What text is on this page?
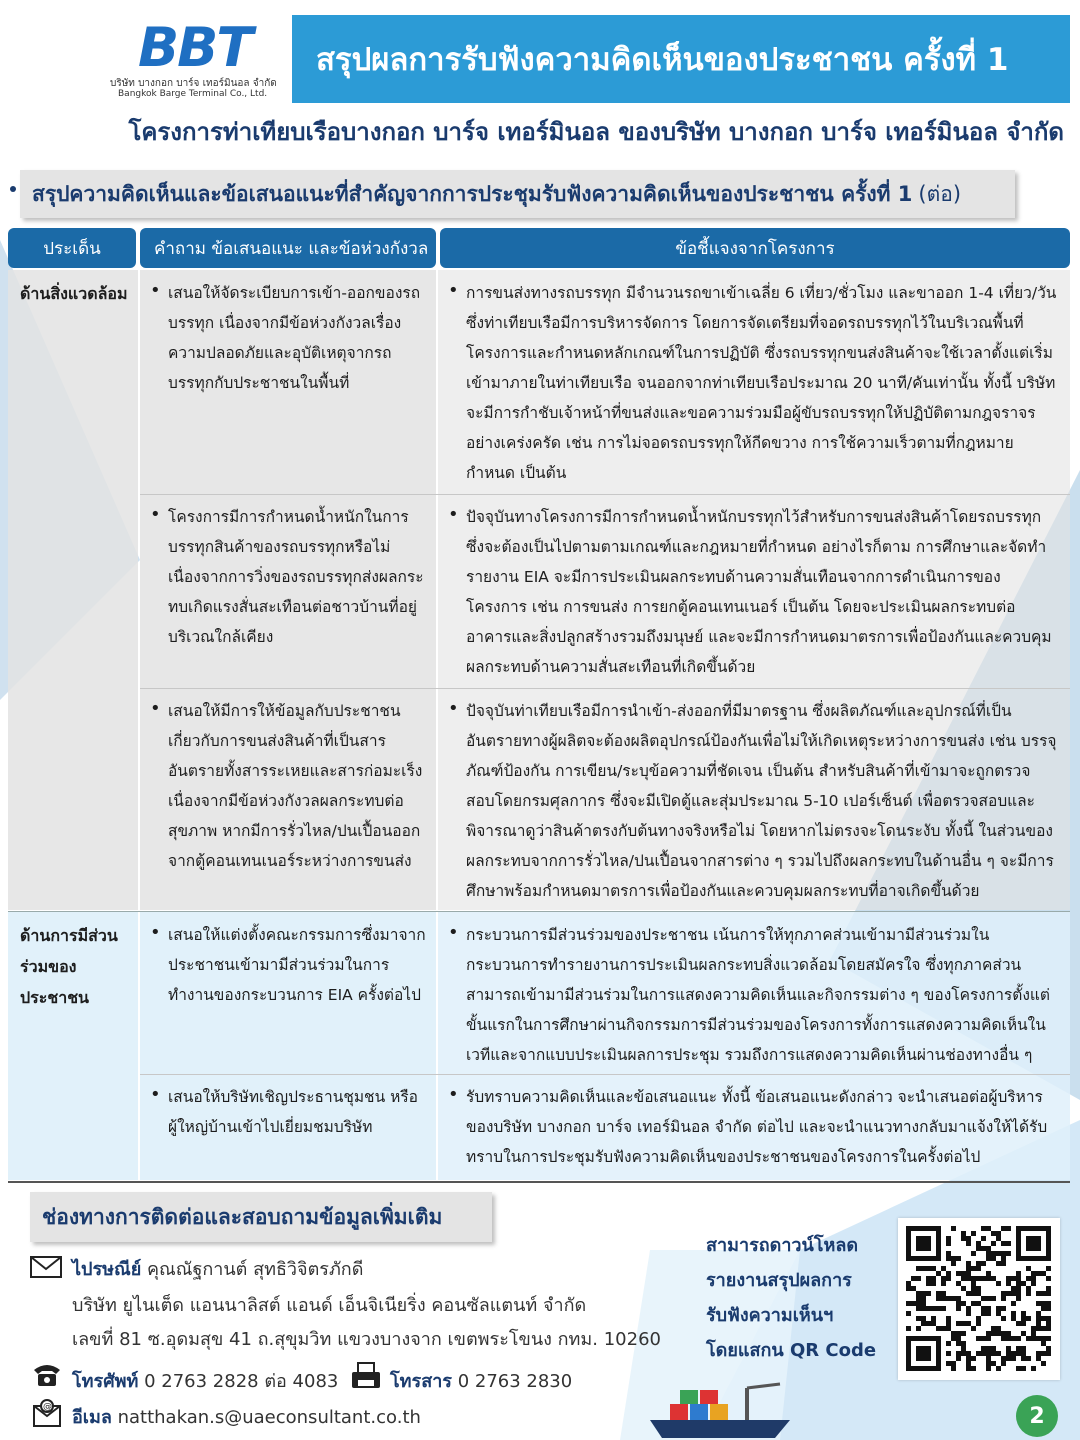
BBT
บริษัท บางกอก บาร์จ เทอร์มินอล จำกัด
Bangkok Barge Terminal Co., Ltd.
สรุปผลการรับฟังความคิดเห็นของประชาชน ครั้งที่ 1
โครงการท่าเทียบเรือบางกอก บาร์จ เทอร์มินอล ของบริษัท บางกอก บาร์จ เทอร์มินอล จำกัด
สรุปความคิดเห็นและข้อเสนอแนะที่สำคัญจากการประชุมรับฟังความคิดเห็นของประชาชน ครั้งที่ 1 (ต่อ)
ประเด็น	คำถาม ข้อเสนอแนะ และข้อห่วงกังวล	ข้อชี้แจงจากโครงการ
ด้านสิ่งแวดล้อม
•	เสนอให้จัดระเบียบการเข้า-ออกของรถบรรทุก เนื่องจากมีข้อห่วงกังวลเรื่องความปลอดภัยและอุบัติเหตุจากรถบรรทุกกับประชาชนในพื้นที่
• การขนส่งทางรถบรรทุก มีจำนวนรถขาเข้าเฉลี่ย 6 เที่ยว/ชั่วโมง และขาออก 1-4 เที่ยว/วัน ซึ่งท่าเทียบเรือมีการบริหารจัดการ โดยการจัดเตรียมที่จอดรถบรรทุกไว้ในบริเวณพื้นที่โครงการและกำหนดหลักเกณฑ์ในการปฏิบัติ ซึ่งรถบรรทุกขนส่งสินค้าจะใช้เวลาตั้งแต่เริ่มเข้ามาภายในท่าเทียบเรือ จนออกจากท่าเทียบเรือประมาณ 20 นาที/คันเท่านั้น ทั้งนี้ บริษัทจะมีการกำชับเจ้าหน้าที่ขนส่งและขอความร่วมมือผู้ขับรถบรรทุกให้ปฏิบัติตามกฎจราจรอย่างเคร่งครัด เช่น การไม่จอดรถบรรทุกให้กีดขวาง การใช้ความเร็วตามที่กฎหมายกำหนด เป็นต้น
• โครงการมีการกำหนดน้ำหนักในการบรรทุกสินค้าของรถบรรทุกหรือไม่ เนื่องจากการวิ่งของรถบรรทุกส่งผลกระทบเกิดแรงสั่นสะเทือนต่อชาวบ้านที่อยู่บริเวณใกล้เคียง
• ปัจจุบันทางโครงการมีการกำหนดน้ำหนักบรรทุกไว้สำหรับการขนส่งสินค้าโดยรถบรรทุก ซึ่งจะต้องเป็นไปตามตามเกณฑ์และกฎหมายที่กำหนด อย่างไรก็ตาม การศึกษาและจัดทำรายงาน EIA จะมีการประเมินผลกระทบด้านความสั่นเทือนจากการดำเนินการของโครงการ เช่น การขนส่ง การยกตู้คอนเทนเนอร์ เป็นต้น โดยจะประเมินผลกระทบต่ออาคารและสิ่งปลูกสร้างรวมถึงมนุษย์ และจะมีการกำหนดมาตรการเพื่อป้องกันและควบคุมผลกระทบด้านความสั่นสะเทือนที่เกิดขึ้นด้วย
• เสนอให้มีการให้ข้อมูลกับประชาชนเกี่ยวกับการขนส่งสินค้าที่เป็นสารอันตรายทั้งสารระเหยและสารก่อมะเร็ง เนื่องจากมีข้อห่วงกังวลผลกระทบต่อสุขภาพ หากมีการรั่วไหล/ปนเปื้อนออกจากตู้คอนเทนเนอร์ระหว่างการขนส่ง
• ปัจจุบันท่าเทียบเรือมีการนำเข้า-ส่งออกที่มีมาตรฐาน ซึ่งผลิตภัณฑ์และอุปกรณ์ที่เป็นอันตรายทางผู้ผลิตจะต้องผลิตอุปกรณ์ป้องกันเพื่อไม่ให้เกิดเหตุระหว่างการขนส่ง เช่น บรรจุภัณฑ์ป้องกัน การเขียน/ระบุข้อความที่ชัดเจน เป็นต้น สำหรับสินค้าที่เข้ามาจะถูกตรวจสอบโดยกรมศุลกากร ซึ่งจะมีเปิดตู้และสุ่มประมาณ 5-10 เปอร์เซ็นต์ เพื่อตรวจสอบและพิจารณาดูว่าสินค้าตรงกับต้นทางจริงหรือไม่ โดยหากไม่ตรงจะโดนระงับ ทั้งนี้ ในส่วนของผลกระทบจากการรั่วไหล/ปนเปื้อนจากสารต่าง ๆ รวมไปถึงผลกระทบในด้านอื่น ๆ จะมีการศึกษาพร้อมกำหนดมาตรการเพื่อป้องกันและควบคุมผลกระทบที่อาจเกิดขึ้นด้วย
ด้านการมีส่วนร่วมของประชาชน
• เสนอให้แต่งตั้งคณะกรรมการซึ่งมาจากประชาชนเข้ามามีส่วนร่วมในการทำงานของกระบวนการ EIA ครั้งต่อไป
• กระบวนการมีส่วนร่วมของประชาชน เน้นการให้ทุกภาคส่วนเข้ามามีส่วนร่วมในกระบวนการทำรายงานการประเมินผลกระทบสิ่งแวดล้อมโดยสมัครใจ ซึ่งทุกภาคส่วนสามารถเข้ามามีส่วนร่วมในการแสดงความคิดเห็นและกิจกรรมต่าง ๆ ของโครงการตั้งแต่ขั้นแรกในการศึกษาผ่านกิจกรรมการมีส่วนร่วมของโครงการทั้งการแสดงความคิดเห็นในเวทีและจากแบบประเมินผลการประชุม รวมถึงการแสดงความคิดเห็นผ่านช่องทางอื่น ๆ
• เสนอให้บริษัทเชิญประธานชุมชน หรือผู้ใหญ่บ้านเข้าไปเยี่ยมชมบริษัท
• รับทราบความคิดเห็นและข้อเสนอแนะ ทั้งนี้ ข้อเสนอแนะดังกล่าว จะนำเสนอต่อผู้บริหารของบริษัท บางกอก บาร์จ เทอร์มินอล จำกัด ต่อไป และจะนำแนวทางกลับมาแจ้งให้ได้รับทราบในการประชุมรับฟังความคิดเห็นของประชาชนของโครงการในครั้งต่อไป
ช่องทางการติดต่อและสอบถามข้อมูลเพิ่มเติม
ไปรษณีย์ คุณณัฐกานต์ สุทธิวิจิตรภักดี
บริษัท ยูไนเต็ด แอนนาลิสต์ แอนด์ เอ็นจิเนียริ่ง คอนซัลแตนท์ จำกัด
เลขที่ 81 ซ.อุดมสุข 41 ถ.สุขุมวิท แขวงบางจาก เขตพระโขนง กทม. 10260
โทรศัพท์ 0 2763 2828 ต่อ 4083	โทรสาร 0 2763 2830
@ อีเมล natthakan.s@uaeconsultant.co.th
สามารถดาวน์โหลด
รายงานสรุปผลการ
รับฟังความเห็นฯ
โดยแสกน QR Code
2
